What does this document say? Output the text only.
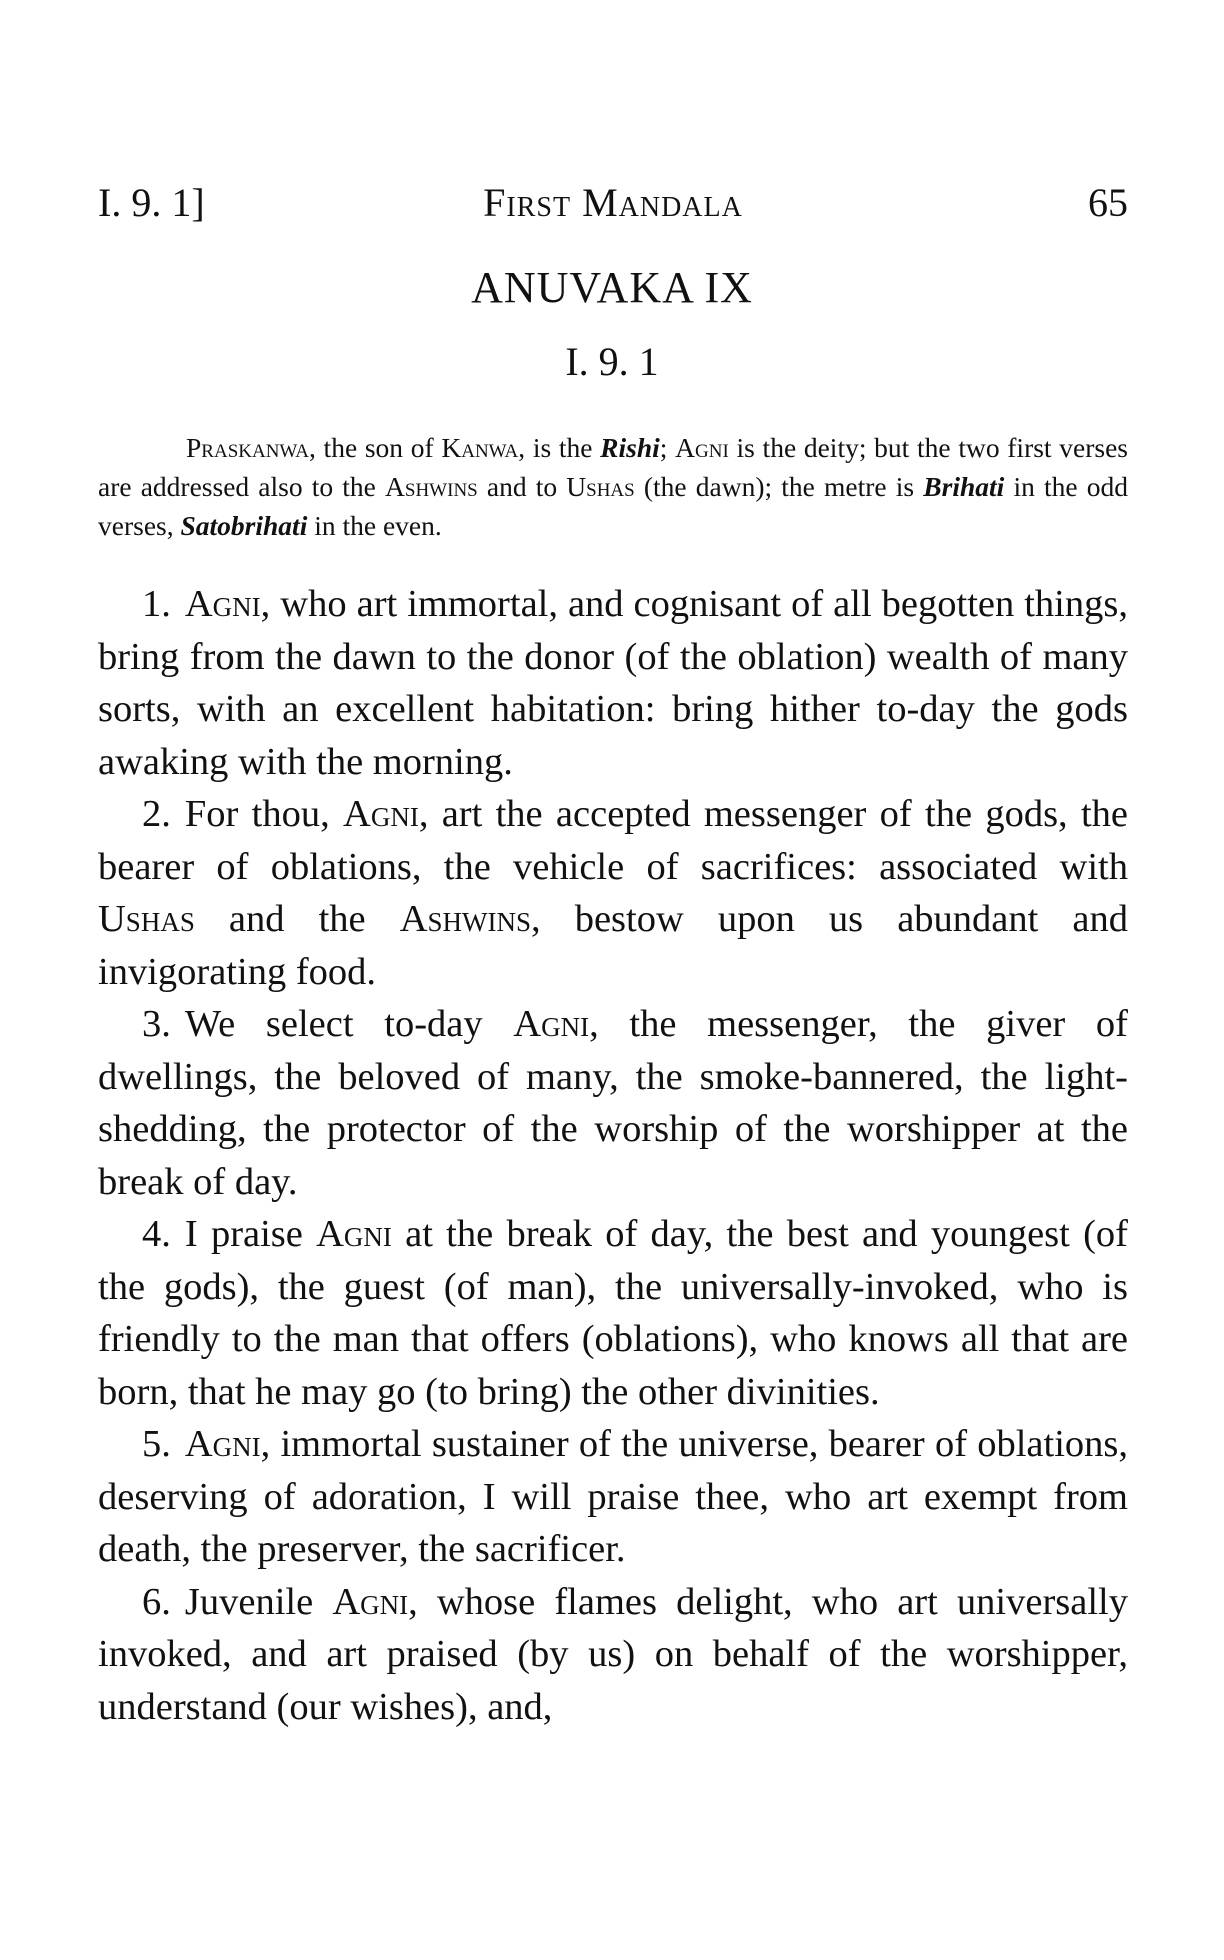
I. 9. 1]	First Mandala	65
ANUVAKA IX
I. 9. 1

Praskanwa, the son of Kanwa, is the Rishi; Agni is the deity; but the two first verses are addressed also to the Ashwins and to Ushas (the dawn); the metre is Brihati in the odd verses, Satobrihati in the even.

1. Agni, who art immortal, and cognisant of all begotten things, bring from the dawn to the donor (of the oblation) wealth of many sorts, with an excellent habitation: bring hither to-day the gods awaking with the morning.

2. For thou, Agni, art the accepted messenger of the gods, the bearer of oblations, the vehicle of sacrifices: associated with Ushas and the Ashwins, bestow upon us abundant and invigorating food.

3. We select to-day Agni, the messenger, the giver of dwellings, the beloved of many, the smoke-bannered, the light-shedding, the protector of the worship of the worshipper at the break of day.

4. I praise Agni at the break of day, the best and youngest (of the gods), the guest (of man), the universally-invoked, who is friendly to the man that offers (oblations), who knows all that are born, that he may go (to bring) the other divinities.

5. Agni, immortal sustainer of the universe, bearer of oblations, deserving of adoration, I will praise thee, who art exempt from death, the preserver, the sacrificer.

6. Juvenile Agni, whose flames delight, who art universally invoked, and art praised (by us) on behalf of the worshipper, understand (our wishes), and,
